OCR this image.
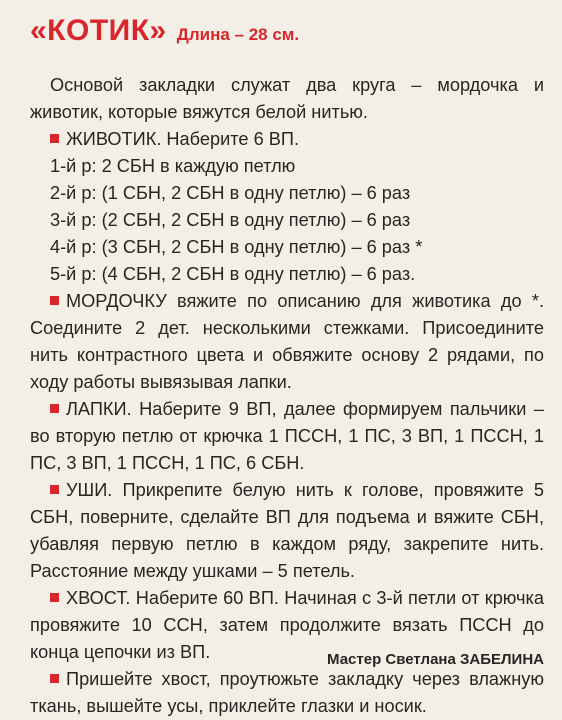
«КОТИК» Длина – 28 см.

Основой закладки служат два круга – мордочка и животик, которые вяжутся белой нитью.

ЖИВОТИК. Наберите 6 ВП.

1-й р: 2 СБН в каждую петлю

2-й р: (1 СБН, 2 СБН в одну петлю) – 6 раз

3-й р: (2 СБН, 2 СБН в одну петлю) – 6 раз

4-й р: (3 СБН, 2 СБН в одну петлю) – 6 раз *

5-й р: (4 СБН, 2 СБН в одну петлю) – 6 раз.

МОРДОЧКУ вяжите по описанию для животика до *. Соедините 2 дет. несколькими стежками. Присоедините нить контрастного цвета и обвяжите основу 2 рядами, по ходу работы вывязывая лапки.

ЛАПКИ. Наберите 9 ВП, далее формируем пальчики – во вторую петлю от крючка 1 ПССН, 1 ПС, 3 ВП, 1 ПССН, 1 ПС, 3 ВП, 1 ПССН, 1 ПС, 6 СБН.

УШИ. Прикрепите белую нить к голове, провяжите 5 СБН, поверните, сделайте ВП для подъема и вяжите СБН, убавляя первую петлю в каждом ряду, закрепите нить. Расстояние между ушками – 5 петель.

ХВОСТ. Наберите 60 ВП. Начиная с 3-й петли от крючка провяжите 10 ССН, затем продолжите вязать ПССН до конца цепочки из ВП.

Пришейте хвост, проутюжьте закладку через влажную ткань, вышейте усы, приклейте глазки и носик.

Мастер Светлана ЗАБЕЛИНА
